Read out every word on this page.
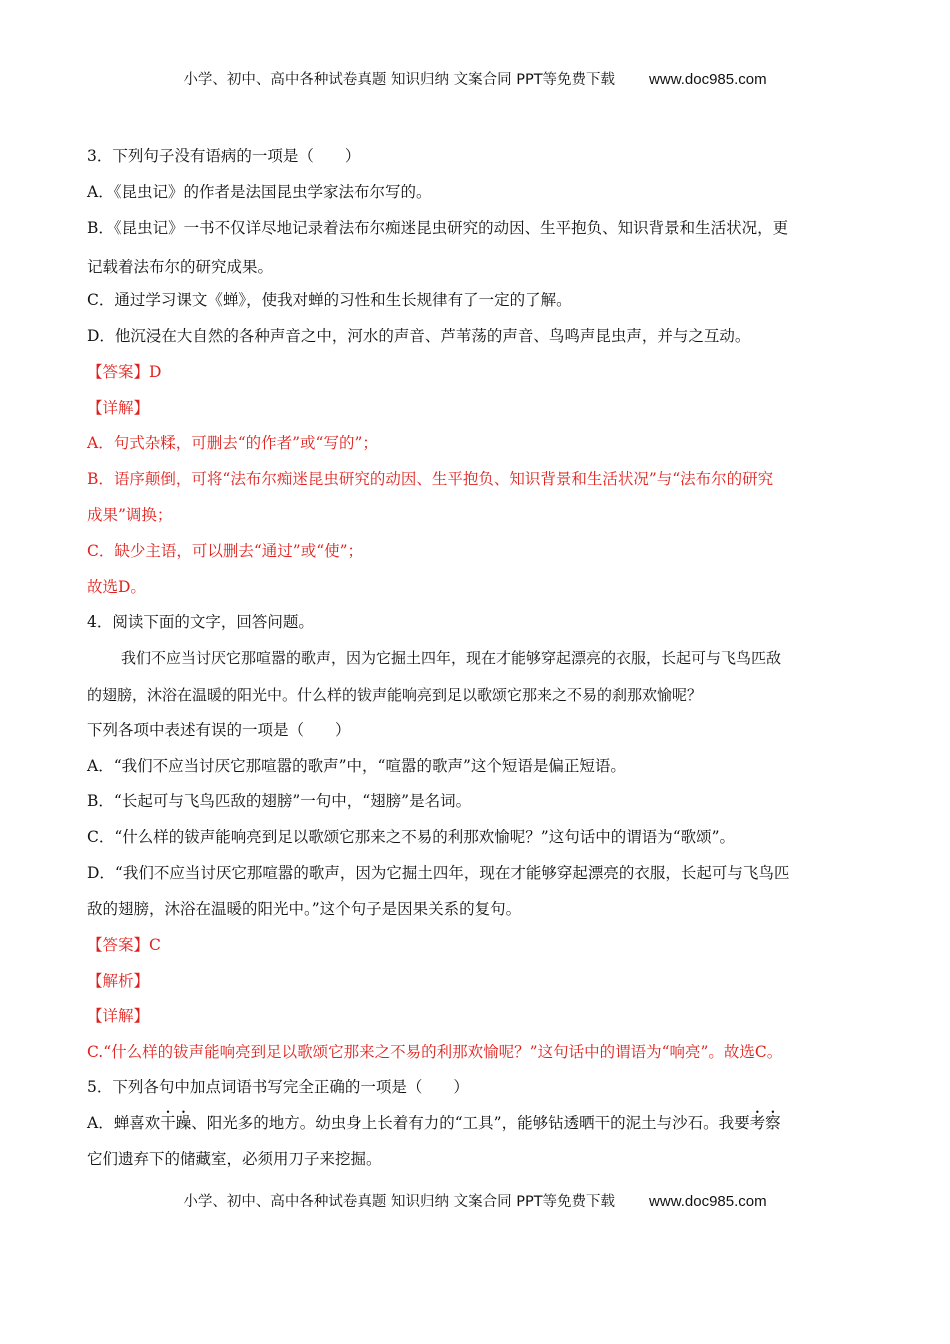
小学、初中、高中各种试卷真题 知识归纳 文案合同 PPT等免费下载 www.doc985.com
3．下列句子没有语病的一项是（　　）
A．《昆虫记》的作者是法国昆虫学家法布尔写的。
B．《昆虫记》一书不仅详尽地记录着法布尔痴迷昆虫研究的动因、生平抱负、知识背景和生活状况，更
记载着法布尔的研究成果。
C．通过学习课文《蝉》，使我对蝉的习性和生长规律有了一定的了解。
D．他沉浸在大自然的各种声音之中，河水的声音、芦苇荡的声音、鸟鸣声昆虫声，并与之互动。
【答案】D
【详解】
A．句式杂糅，可删去“的作者”或“写的”；
B．语序颠倒，可将“法布尔痴迷昆虫研究的动因、生平抱负、知识背景和生活状况”与“法布尔的研究
成果”调换；
C．缺少主语，可以删去“通过”或“使”；
故选D。
4．阅读下面的文字，回答问题。
我们不应当讨厌它那喧嚣的歌声，因为它掘土四年，现在才能够穿起漂亮的衣服，长起可与飞鸟匹敌
的翅膀，沐浴在温暖的阳光中。什么样的钹声能响亮到足以歌颂它那来之不易的刹那欢愉呢？
下列各项中表述有误的一项是（　　）
A．“我们不应当讨厌它那喧嚣的歌声”中，“喧嚣的歌声”这个短语是偏正短语。
B．“长起可与飞鸟匹敌的翅膀”一句中，“翅膀”是名词。
C．“什么样的钹声能响亮到足以歌颂它那来之不易的利那欢愉呢？”这句话中的谓语为“歌颂”。
D．“我们不应当讨厌它那喧嚣的歌声，因为它掘土四年，现在才能够穿起漂亮的衣服，长起可与飞鸟匹
敌的翅膀，沐浴在温暖的阳光中。”这个句子是因果关系的复句。
【答案】C
【解析】
【详解】
C.“什么样的钹声能响亮到足以歌颂它那来之不易的利那欢愉呢？”这句话中的谓语为“响亮”。故选C。
5．下列各句中加点词语书写完全正确的一项是（　　）
A．蝉喜欢干躁、阳光多的地方。幼虫身上长着有力的“工具”，能够钻透晒干的泥土与沙石。我要考察
它们遗弃下的储藏室，必须用刀子来挖掘。
小学、初中、高中各种试卷真题 知识归纳 文案合同 PPT等免费下载 www.doc985.com
